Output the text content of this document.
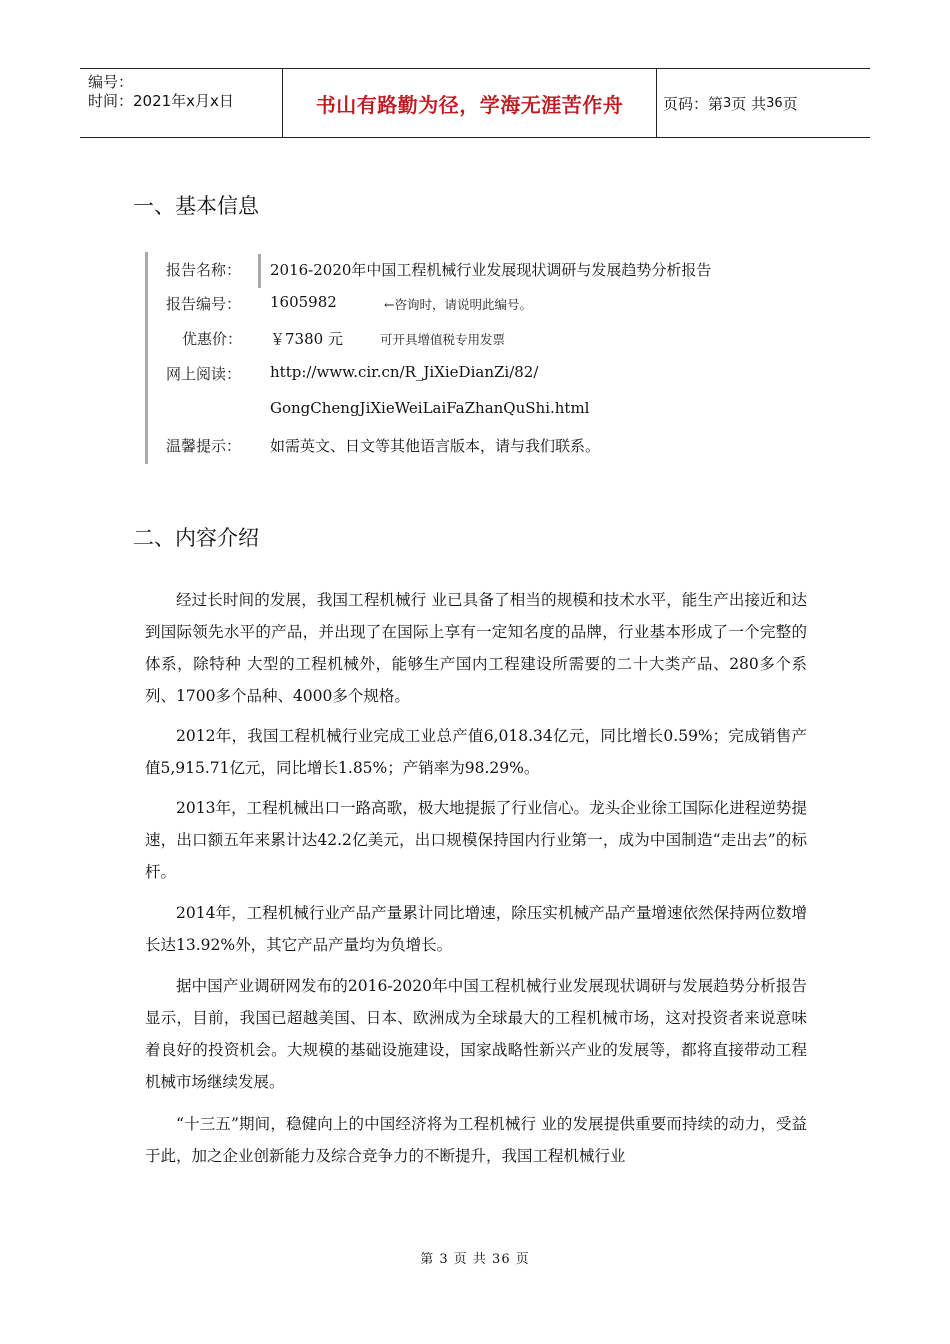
编号：
时间：2021年x月x日	书山有路勤为径，学海无涯苦作舟	页码：第 3 页 共 36 页
一、基本信息
报告名称： 2016-2020年中国工程机械行业发展现状调研与发展趋势分析报告
报告编号： 1605982	←咨询时，请说明此编号。
优惠价： ￥7380 元	可开具增值税专用发票
网上阅读： http://www.cir.cn/R_JiXieDianZi/82/
GongChengJiXieWeiLaiFaZhanQuShi.html
温馨提示： 如需英文、日文等其他语言版本，请与我们联系。
二、内容介绍

经过长时间的发展，我国工程机械行 业已具备了相当的规模和技术水平，能生产出接近和达到国际领先水平的产品，并出现了在国际上享有一定知名度的品牌，行业基本形成了一个完整的体系，除特种 大型的工程机械外，能够生产国内工程建设所需要的二十大类产品、280多个系列、1700多个品种、4000多个规格。

2012年，我国工程机械行业完成工业总产值6,018.34亿元，同比增长0.59%；完成销售产值5,915.71亿元，同比增长1.85%；产销率为98.29%。

2013年，工程机械出口一路高歌，极大地提振了行业信心。龙头企业徐工国际化进程逆势提速，出口额五年来累计达42.2亿美元，出口规模保持国内行业第一，成为中国制造“走出去”的标杆。

2014年，工程机械行业产品产量累计同比增速，除压实机械产品产量增速依然保持两位数增长达13.92%外，其它产品产量均为负增长。

据中国产业调研网发布的2016-2020年中国工程机械行业发展现状调研与发展趋势分析报告显示，目前，我国已超越美国、日本、欧洲成为全球最大的工程机械市场，这对投资者来说意味着良好的投资机会。大规模的基础设施建设，国家战略性新兴产业的发展等，都将直接带动工程机械市场继续发展。

“十三五”期间，稳健向上的中国经济将为工程机械行 业的发展提供重要而持续的动力，受益于此，加之企业创新能力及综合竞争力的不断提升，我国工程机械行业

第 3 页 共 36 页
